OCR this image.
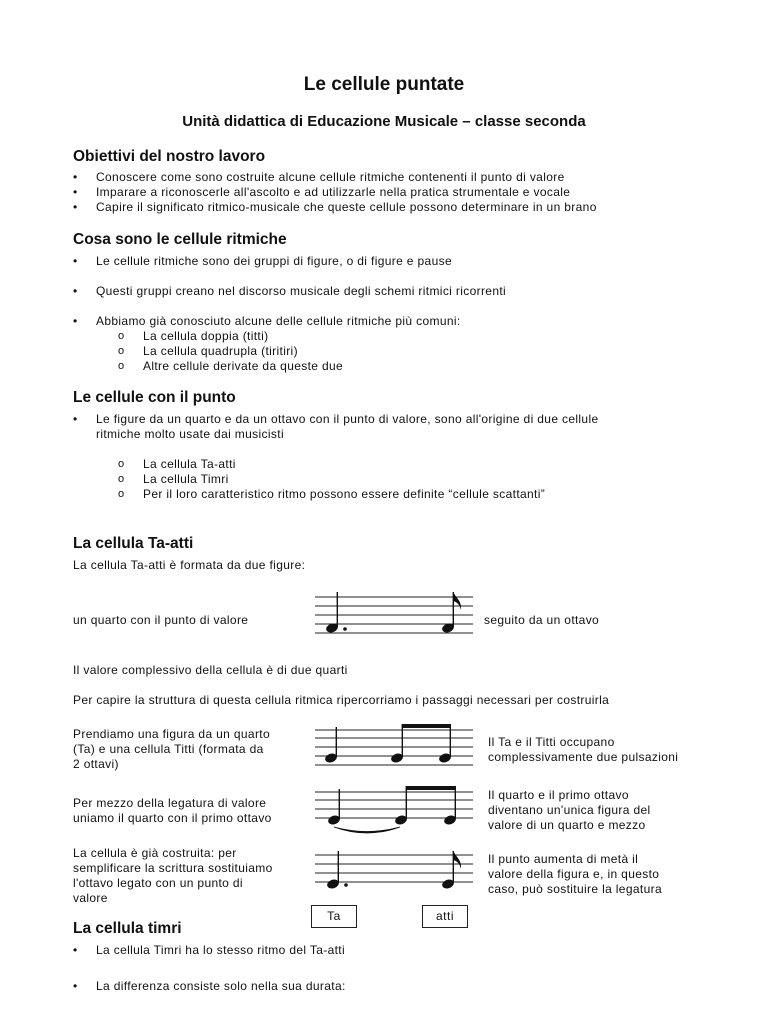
Le cellule puntate
Unità didattica di Educazione Musicale – classe seconda
Obiettivi del nostro lavoro
• Conoscere come sono costruite alcune cellule ritmiche contenenti il punto di valore
• Imparare a riconoscerle all'ascolto e ad utilizzarle nella pratica strumentale e vocale
• Capire il significato ritmico-musicale che queste cellule possono determinare in un brano
Cosa sono le cellule ritmiche
• Le cellule ritmiche sono dei gruppi di figure, o di figure e pause
• Questi gruppi creano nel discorso musicale degli schemi ritmici ricorrenti
• Abbiamo già conosciuto alcune delle cellule ritmiche più comuni:
o La cellula doppia (titti)
o La cellula quadrupla (tiritiri)
o Altre cellule derivate da queste due
Le cellule con il punto
• Le figure da un quarto e da un ottavo con il punto di valore, sono all'origine di due cellule
ritmiche molto usate dai musicisti
o La cellula Ta-atti
o La cellula Timri
o Per il loro caratteristico ritmo possono essere definite “cellule scattanti”
La cellula Ta-atti
La cellula Ta-atti è formata da due figure:
un quarto con il punto di valore	seguito da un ottavo
Il valore complessivo della cellula è di due quarti
Per capire la struttura di questa cellula ritmica ripercorriamo i passaggi necessari per costruirla
Prendiamo una figura da un quarto
(Ta) e una cellula Titti (formata da
2 ottavi)
Il Ta e il Titti occupano
complessivamente due pulsazioni
Per mezzo della legatura di valore
uniamo il quarto con il primo ottavo
Il quarto e il primo ottavo
diventano un'unica figura del
valore di un quarto e mezzo
La cellula è già costruita: per
semplificare la scrittura sostituiamo
l'ottavo legato con un punto di
valore
Il punto aumenta di metà il
valore della figura e, in questo
caso, può sostituire la legatura
Ta	atti
La cellula timri
• La cellula Timri ha lo stesso ritmo del Ta-atti
• La differenza consiste solo nella sua durata:
